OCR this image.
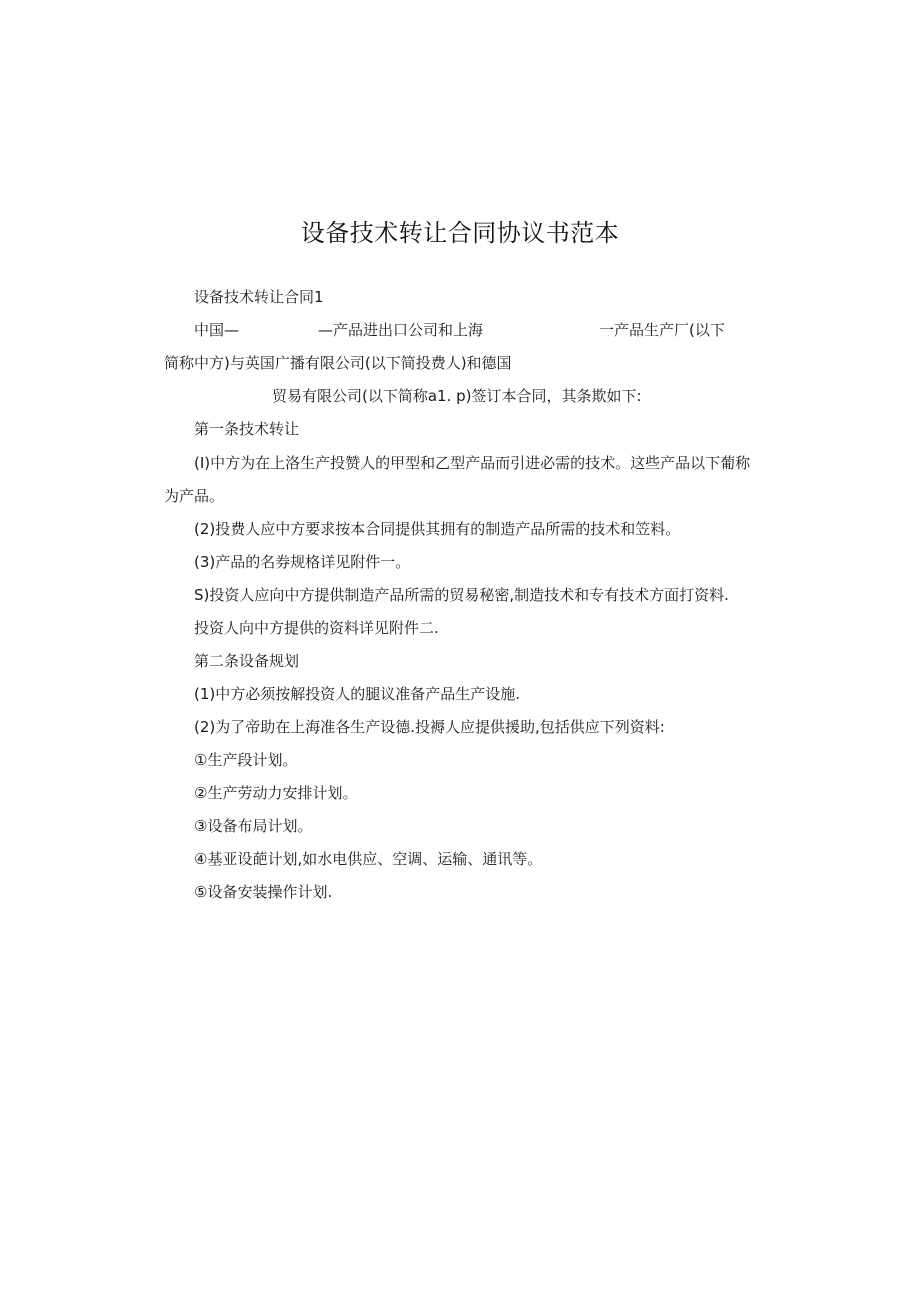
设备技术转让合同协议书范本
设备技术转让合同1
中国—	—产品进出口公司和上海	一产品生产厂(以下
简称中方)与英国广播有限公司(以下简投费人)和德国
贸易有限公司(以下简称a1. p)签订本合同，其条欺如下:
第一条技术转让
(I)中方为在上洛生产投赞人的甲型和乙型产品而引进必需的技术。这些产品以下葡称
为产品。
(2)投费人应中方要求按本合同提供其拥有的制造产品所需的技术和笠料。
(3)产品的名券规格详见附件一。
S)投资人应向中方提供制造产品所需的贸易秘密,制造技术和专有技术方面打资料.
投资人向中方提供的资料详见附件二.
第二条设备规划
(1)中方必须按解投资人的腿议准备产品生产设施.
(2)为了帝助在上海准各生产设德.投褥人应提供援助,包括供应下列资料:
①生产段计划。
②生产劳动力安排计划。
③设备布局计划。
④基亚设葩计划,如水电供应、空调、运输、通讯等。
⑤设备安装操作计划.
